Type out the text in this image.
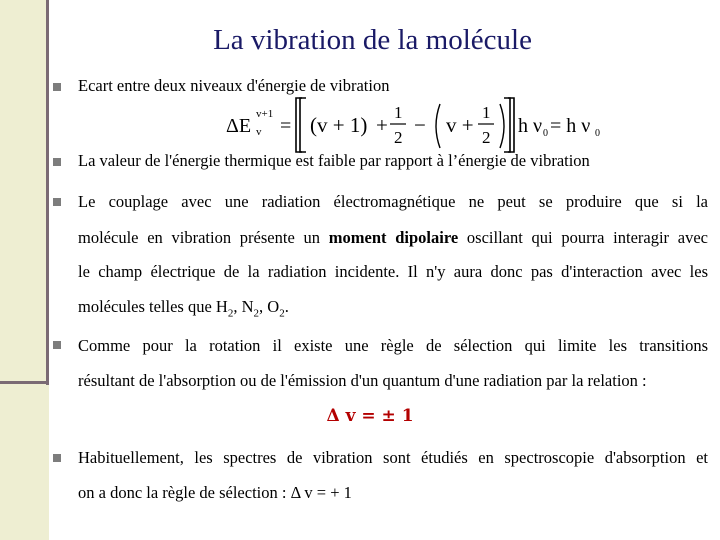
La vibration de la molécule
Ecart entre deux niveaux d'énergie de vibration
ΔE
v+1
v = (v + 1) +
1
2
− v +
1
2
h ν 0 = h ν 0
La valeur de l'énergie thermique est faible par rapport à l’énergie de vibration
Le couplage avec une radiation électromagnétique ne peut se produire que si la
molécule en vibration présente un moment dipolaire oscillant qui pourra interagir avec
le champ électrique de la radiation incidente. Il n'y aura donc pas d'interaction avec les
molécules telles que $H_2$, $N_2$, $O_2$.
Comme pour la rotation il existe une règle de sélection qui limite les transitions
résultant de l'absorption ou de l'émission d'un quantum d'une radiation par la relation :
Δ v = ± 1
Habituellement, les spectres de vibration sont étudiés en spectroscopie d'absorption et
on a donc la règle de sélection : Δ v = + 1
